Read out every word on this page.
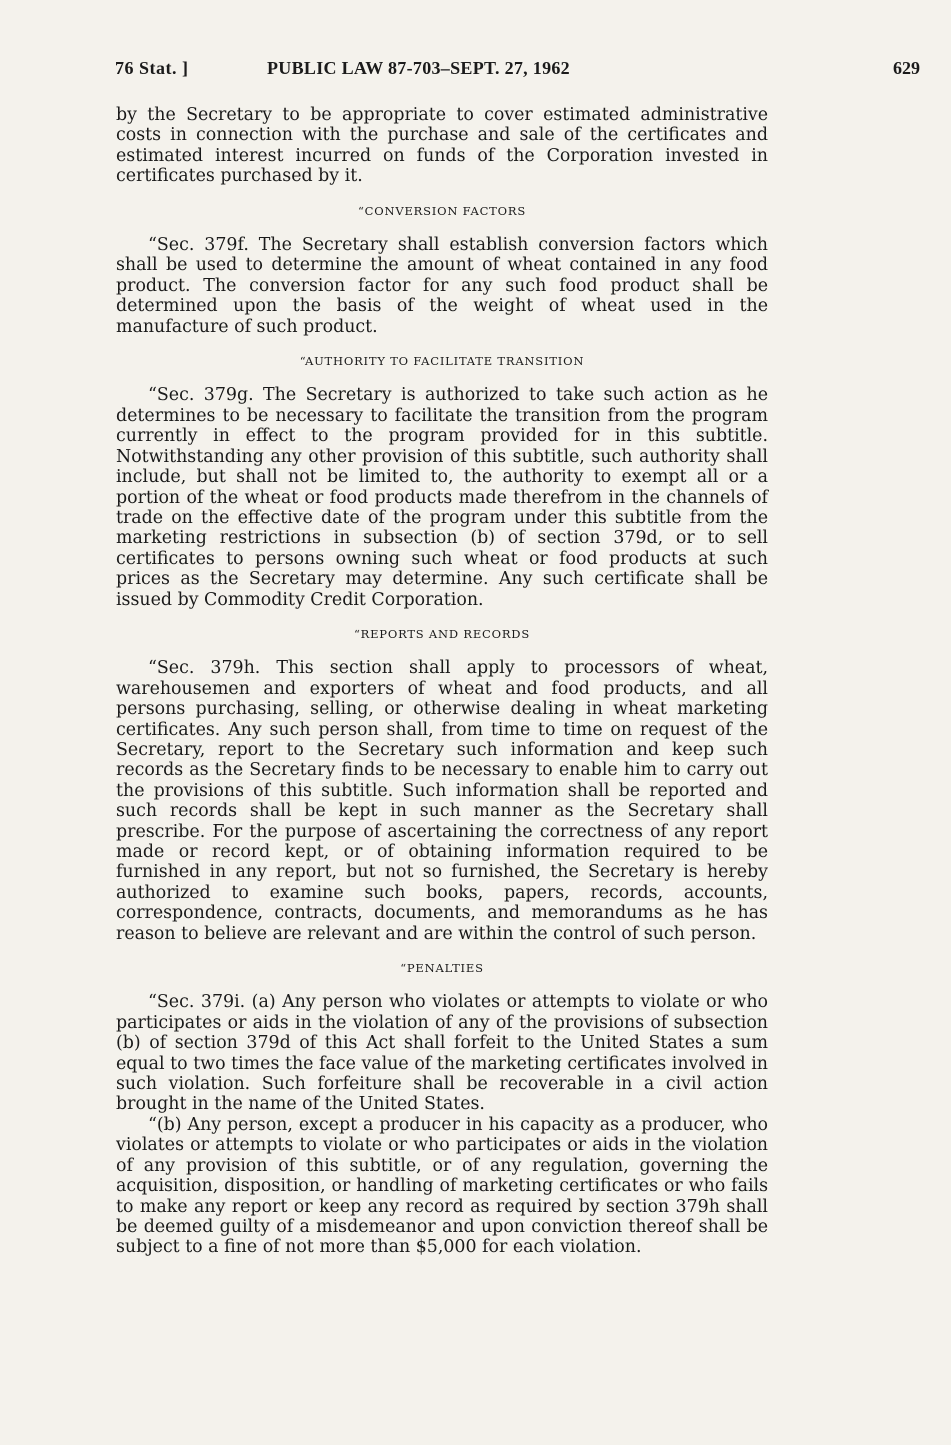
76 Stat. ]	PUBLIC LAW 87-703–SEPT. 27, 1962	629

by the Secretary to be appropriate to cover estimated administrative costs in connection with the purchase and sale of the certificates and estimated interest incurred on funds of the Corporation invested in certificates purchased by it.

“CONVERSION FACTORS

“Sec. 379f. The Secretary shall establish conversion factors which shall be used to determine the amount of wheat contained in any food product. The conversion factor for any such food product shall be determined upon the basis of the weight of wheat used in the manufacture of such product.

“AUTHORITY TO FACILITATE TRANSITION

“Sec. 379g. The Secretary is authorized to take such action as he determines to be necessary to facilitate the transition from the program currently in effect to the program provided for in this subtitle. Notwithstanding any other provision of this subtitle, such authority shall include, but shall not be limited to, the authority to exempt all or a portion of the wheat or food products made therefrom in the channels of trade on the effective date of the program under this subtitle from the marketing restrictions in subsection (b) of section 379d, or to sell certificates to persons owning such wheat or food products at such prices as the Secretary may determine. Any such certificate shall be issued by Commodity Credit Corporation.

“REPORTS AND RECORDS

“Sec. 379h. This section shall apply to processors of wheat, warehousemen and exporters of wheat and food products, and all persons purchasing, selling, or otherwise dealing in wheat marketing certificates. Any such person shall, from time to time on request of the Secretary, report to the Secretary such information and keep such records as the Secretary finds to be necessary to enable him to carry out the provisions of this subtitle. Such information shall be reported and such records shall be kept in such manner as the Secretary shall prescribe. For the purpose of ascertaining the correctness of any report made or record kept, or of obtaining information required to be furnished in any report, but not so furnished, the Secretary is hereby authorized to examine such books, papers, records, accounts, correspondence, contracts, documents, and memorandums as he has reason to believe are relevant and are within the control of such person.

“PENALTIES

“Sec. 379i. (a) Any person who violates or attempts to violate or who participates or aids in the violation of any of the provisions of subsection (b) of section 379d of this Act shall forfeit to the United States a sum equal to two times the face value of the marketing certificates involved in such violation. Such forfeiture shall be recoverable in a civil action brought in the name of the United States.

“(b) Any person, except a producer in his capacity as a producer, who violates or attempts to violate or who participates or aids in the violation of any provision of this subtitle, or of any regulation, governing the acquisition, disposition, or handling of marketing certificates or who fails to make any report or keep any record as required by section 379h shall be deemed guilty of a misdemeanor and upon conviction thereof shall be subject to a fine of not more than $5,000 for each violation.
